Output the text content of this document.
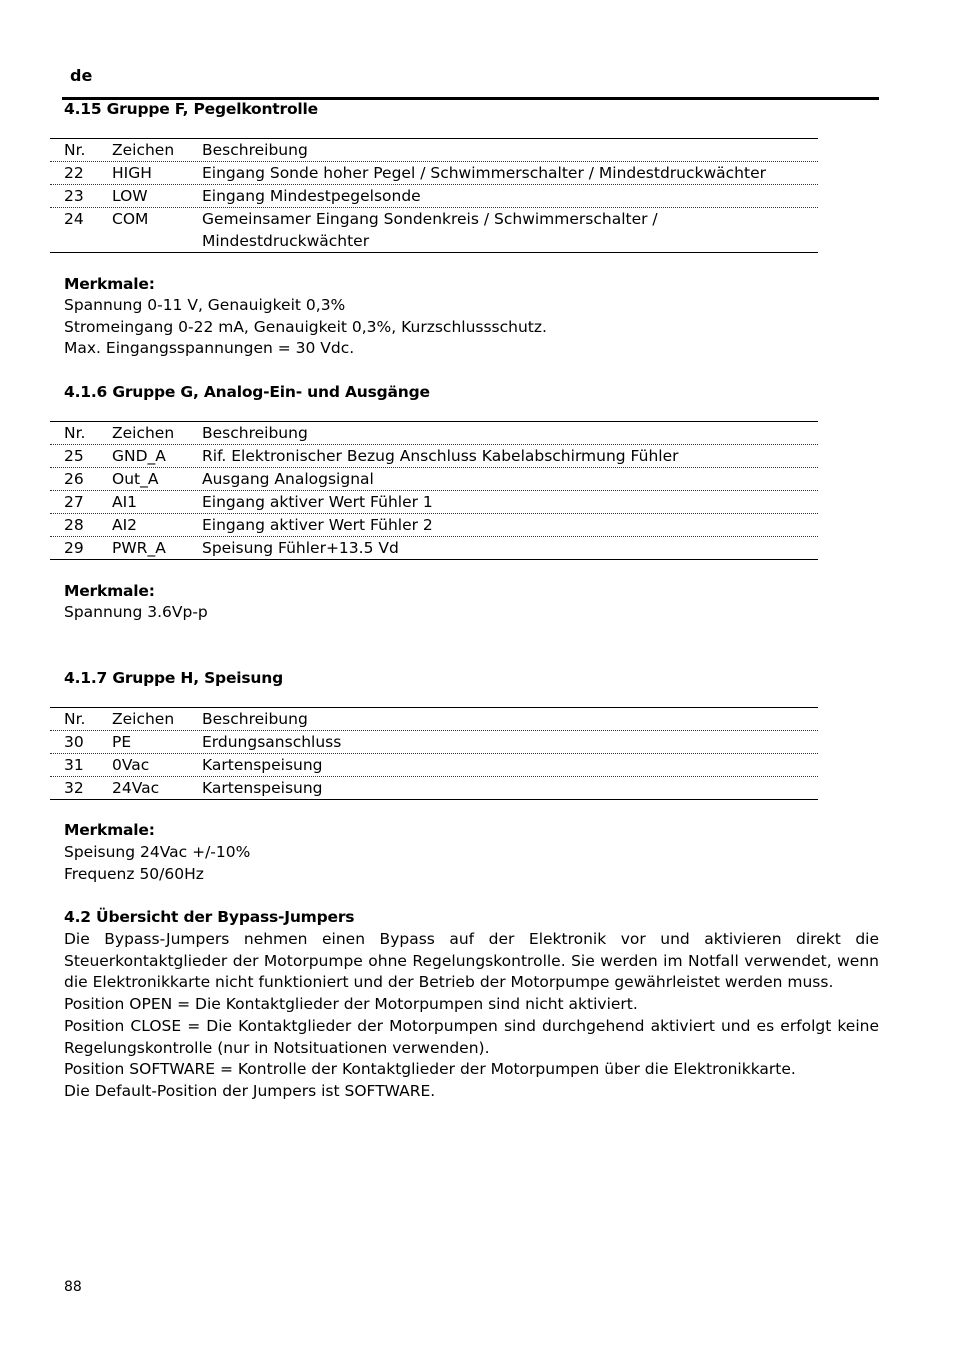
de
4.15 Gruppe F, Pegelkontrolle
Nr.	Zeichen	Beschreibung
22	HIGH	Eingang Sonde hoher Pegel / Schwimmerschalter / Mindestdruckwächter
23	LOW	Eingang Mindestpegelsonde
24	COM	Gemeinsamer Eingang Sondenkreis / Schwimmerschalter /
Mindestdruckwächter
Merkmale:
Spannung 0-11 V, Genauigkeit 0,3%
Stromeingang 0-22 mA, Genauigkeit 0,3%, Kurzschlussschutz.
Max. Eingangsspannungen = 30 Vdc.
4.1.6 Gruppe G, Analog-Ein- und Ausgänge
Nr.	Zeichen	Beschreibung
25	GND_A	Rif. Elektronischer Bezug Anschluss Kabelabschirmung Fühler
26	Out_A	Ausgang Analogsignal
27	AI1	Eingang aktiver Wert Fühler 1
28	AI2	Eingang aktiver Wert Fühler 2
29	PWR_A	Speisung Fühler+13.5 Vd
Merkmale:
Spannung 3.6Vp-p
4.1.7 Gruppe H, Speisung
Nr.	Zeichen	Beschreibung
30	PE	Erdungsanschluss
31	0Vac	Kartenspeisung
32	24Vac	Kartenspeisung
Merkmale:
Speisung 24Vac +/-10%
Frequenz 50/60Hz
4.2 Übersicht der Bypass-Jumpers
Die Bypass-Jumpers nehmen einen Bypass auf der Elektronik vor und aktivieren direkt die
Steuerkontaktglieder der Motorpumpe ohne Regelungskontrolle. Sie werden im Notfall verwendet, wenn
die Elektronikkarte nicht funktioniert und der Betrieb der Motorpumpe gewährleistet werden muss.
Position OPEN = Die Kontaktglieder der Motorpumpen sind nicht aktiviert.
Position CLOSE = Die Kontaktglieder der Motorpumpen sind durchgehend aktiviert und es erfolgt keine
Regelungskontrolle (nur in Notsituationen verwenden).
Position SOFTWARE = Kontrolle der Kontaktglieder der Motorpumpen über die Elektronikkarte.
Die Default-Position der Jumpers ist SOFTWARE.
88
